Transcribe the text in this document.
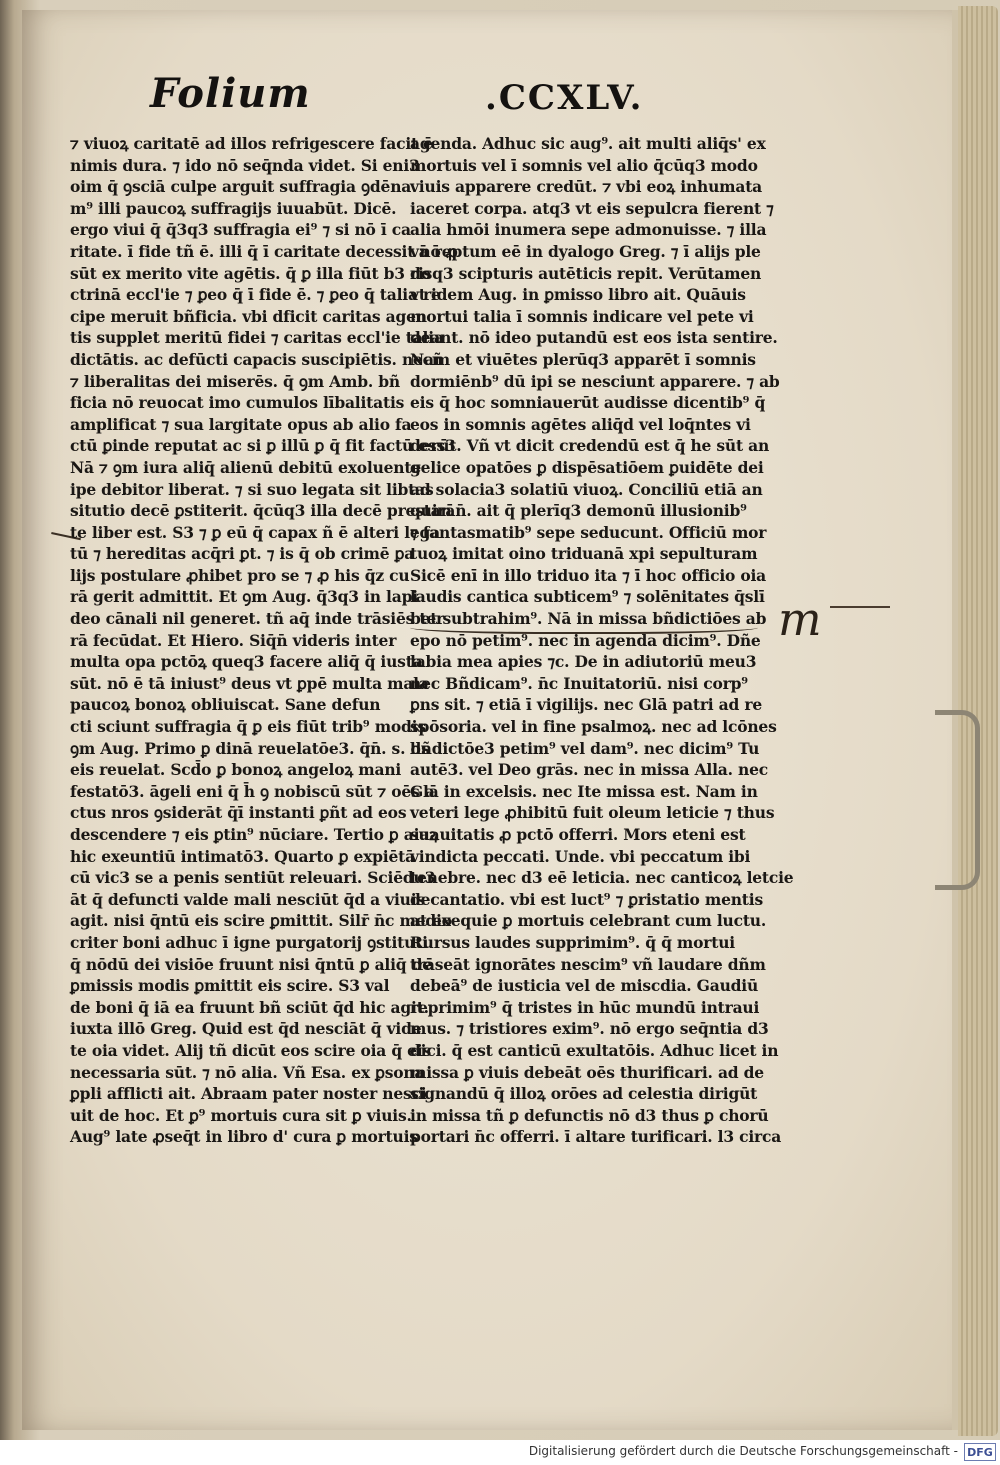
Folium	.CCXLV.
⁊ viuoꝝ caritatē ad illos refrigescere facit ē
nimis dura. ⁊ ido nō seq̄nda videt. Si eni3
oim q̄ ꝯsciā culpe arguit suffragia ꝯdēna
m⁹ illi paucoꝝ suffragijs iuuabūt. Dicē.
ergo viui q̄ q̄3q3 suffragia ei⁹ ⁊ si nō ī ca
ritate. ī fide tñ ē. illi q̄ ī caritate decessit nō ꝓ
sūt ex merito vite agētis. q̄ ꝑ illa fiūt b3 do
ctrinā eccl'ie ⁊ ꝑeo q̄ ī fide ē. ⁊ ꝑeo q̄ talia re
cipe meruit bñficia. vbi dficit caritas agen
tis supplet meritū fidei ⁊ caritas eccl'ie talia
dictātis. ac defūcti capacis suscipiētis. necñ
⁊ liberalitas dei miserēs. q̄ ꝯm Amb. bñ
ficia nō reuocat imo cumulos lībalitatis
amplificat ⁊ sua largitate opus ab alio fa
ctū ꝑinde reputat ac si ꝑ illū ꝑ q̄ fit factū ess3
Nā ⁊ ꝯm iura aliq̄ alienū debitū exoluente
ipe debitor liberat. ⁊ si suo legata sit libtas
situtio decē ꝑstiterit. q̄cūq3 illa decē prestan
te liber est. S3 ⁊ ꝑ eū q̄ capax ñ ē alteri lega
tū ⁊ hereditas acq̄ri ꝑt. ⁊ is q̄ ob crimē ꝑa
lijs postulare ꝓhibet pro se ⁊ ꝓ his q̄z cu
rā gerit admittit. Et ꝯm Aug. q̄3q3 in lapi
deo cānali nil generet. tñ aq̄ inde trāsiēs ter
rā fecūdat. Et Hiero. Siq̄n̄ videris inter
multa opa pctōꝝ queq3 facere aliq̄ q̄ iusta
sūt. nō ē tā iniust⁹ deus vt ꝑpē multa mala
paucoꝝ bonoꝝ obliuiscat. Sane defun
cti sciunt suffragia q̄ ꝑ eis fiūt trib⁹ modis
ꝯm Aug. Primo ꝑ dinā reuelatōe3. q̄n̄. s. ds
eis reuelat. Scd̄o ꝑ bonoꝝ angeloꝝ mani
festatō3. āgeli eni q̄ h̄ ꝯ nobiscū sūt ⁊ oēs a
ctus nros ꝯsiderāt q̄ī instanti ꝑñt ad eos
descendere ⁊ eis ꝑtin⁹ nūciare. Tertio ꝑ aiaꝝ
hic exeuntiū intimatō3. Quarto ꝑ expiētā
cū vic3 se a penis sentiūt releuari. Sciēdu3
āt q̄ defuncti valde mali nesciūt q̄d a viuis
agit. nisi q̄ntū eis scire ꝑmittit. Silr̄ n̄c medio
criter boni adhuc ī igne purgatorij ꝯstituti
q̄ nōdū dei visiōe fruunt nisi q̄ntū ꝑ aliq̄ de
ꝑmissis modis ꝑmittit eis scire. S3 val
de boni q̄ iā ea fruunt bñ sciūt q̄d hic agit.
iuxta illō Greg. Quid est q̄d nesciāt q̄ vide
te oia videt. Alij tñ dicūt eos scire oia q̄ eis
necessaria sūt. ⁊ nō alia. Vñ Esa. ex ꝑsona
ꝑpli afflicti ait. Abraam pater noster nesci
uit de hoc. Et ꝑ⁹ mortuis cura sit ꝑ viuis.
Aug⁹ late ꝓseq̄t in libro d' cura ꝑ mortuis
agenda. Adhuc sic aug⁹. ait multi aliq̄s' ex
mortuis vel ī somnis vel alio q̄cūq3 modo
viuis apparere credūt. ⁊ vbi eoꝝ inhumata
iaceret corpa. atq3 vt eis sepulcra fierent ⁊
alia hmōi inumera sepe admonuisse. ⁊ illa
vā reptum eē in dyalogo Greg. ⁊ ī alijs ple
risq3 scipturis autēticis repit. Verūtamen
vt idem Aug. in ꝑmisso libro ait. Quāuis
mortui talia ī somnis indicare vel pete vi
deant. nō ideo putandū est eos ista sentire.
Nam et viuētes plerūq3 apparēt ī somnis
dormiēnb⁹ dū ipi se nesciunt apparere. ⁊ ab
eis q̄ hoc somniauerūt audisse dicentib⁹ q̄
eos in somnis agētes aliq̄d vel loq̄ntes vi
derūt. Vñ vt dicit credendū est q̄ he sūt an
gelice opatōes ꝑ dispēsatiōem ꝑuidēte dei
ad solacia3 solatiū viuoꝝ. Conciliū etiā an
quirān̄. ait q̄ plerīq3 demonū illusionib⁹
⁊ fantasmatib⁹ sepe seducunt. Officiū mor
tuoꝝ imitat oino triduanā xpi sepulturam
Sicē enī in illo triduo ita ⁊ ī hoc officio oia
laudis cantica subticem⁹ ⁊ solēnitates q̄slī
bet subtrahim⁹. Nā in missa bñdictiōes ab
epo nō petim⁹. nec in agenda dicim⁹. Dñe
labia mea apies ⁊c. De in adiutoriū meu3
nec Bñdicam⁹. n̄c Inuitatoriū. nisi corp⁹
ꝑns sit. ⁊ etiā ī vigilijs. nec Glā patri ad re
spōsoria. vel in fine psalmoꝝ. nec ad lcōnes
bñdictōe3 petim⁹ vel dam⁹. nec dicim⁹ Tu
autē3. vel Deo grās. nec in missa Alla. nec
Glā in excelsis. nec Ite missa est. Nam in
veteri lege ꝓhibitū fuit oleum leticie ⁊ thus
suauitatis ꝓ pctō offerri. Mors eteni est
vindicta peccati. Unde. vbi peccatum ibi
tenebre. nec d3 eē leticia. nec canticoꝝ letcie
decantatio. vbi est luct⁹ ⁊ ꝑristatio mentis
at exequie ꝑ mortuis celebrant cum luctu.
Rursus laudes supprimim⁹. q̄ q̄ mortui
trāseāt ignorātes nescim⁹ vñ laudare dñm
debeā⁹ de iusticia vel de miscdia. Gaudiū
reprimim⁹ q̄ tristes in hūc mundū intraui
mus. ⁊ tristiores exim⁹. nō ergo seq̄ntia d3
dici. q̄ est canticū exultatōis. Adhuc licet in
missa ꝑ viuis debeāt oēs thurificari. ad de
signandū q̄ illoꝝ orōes ad celestia dirigūt
in missa tñ ꝑ defunctis nō d3 thus ꝑ chorū
portari n̄c offerri. ī altare turificari. l3 circa
m
Digitalisierung gefördert durch die Deutsche Forschungsgemeinschaft - DFG
